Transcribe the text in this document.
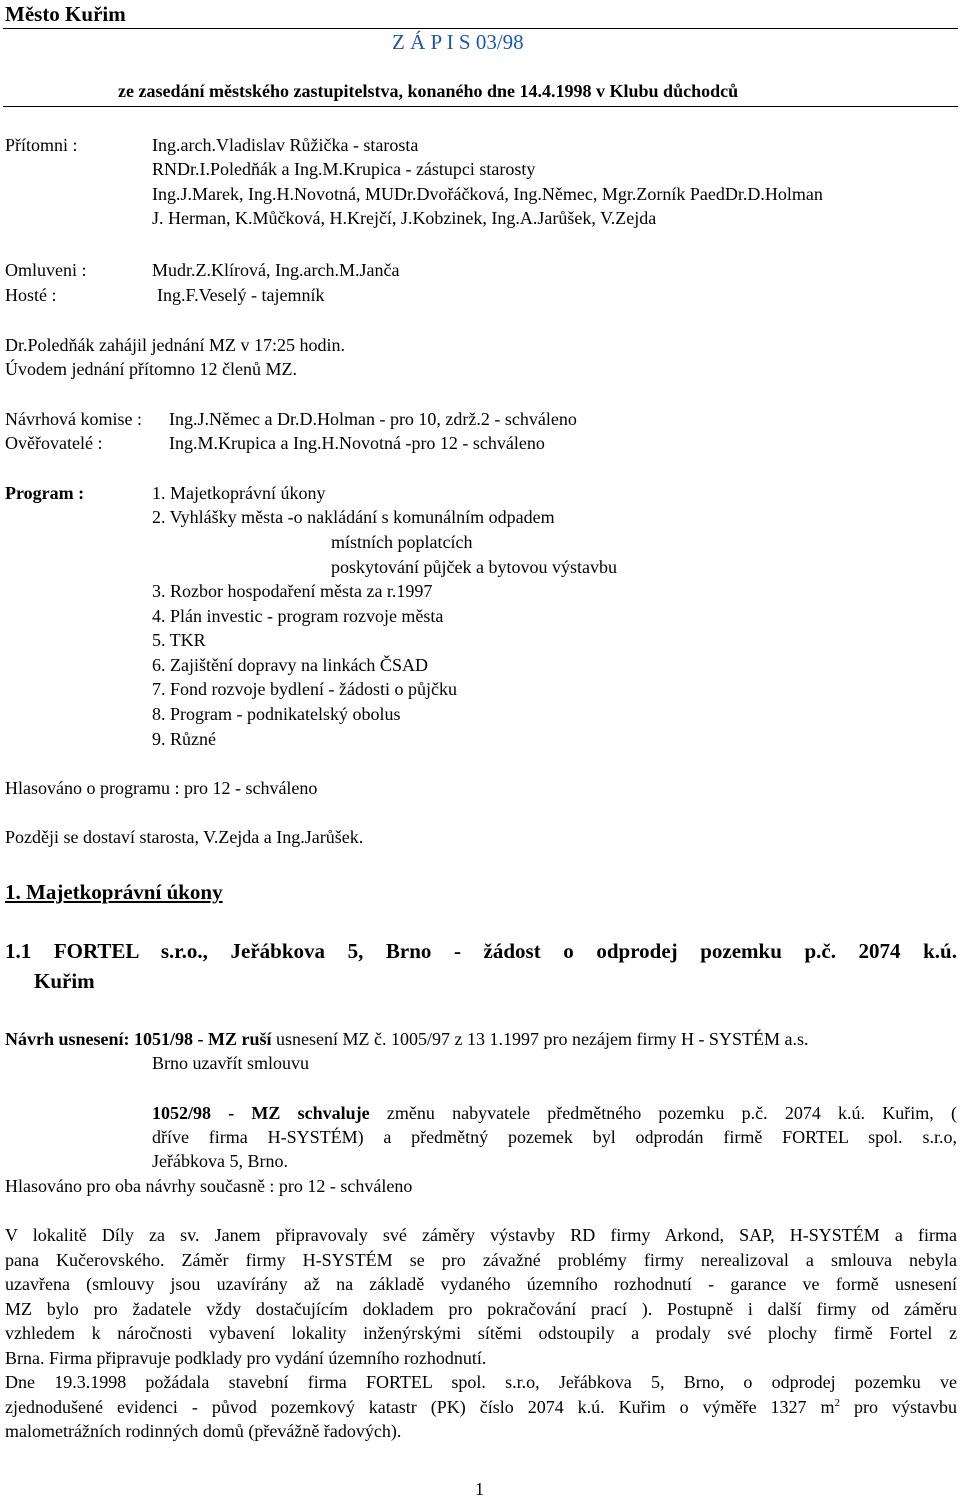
Město Kuřim
Z Á P I S 03/98
ze zasedání městského zastupitelstva, konaného dne 14.4.1998 v Klubu důchodců
Přítomni :	Ing.arch.Vladislav Růžička - starosta
RNDr.I.Poledňák a Ing.M.Krupica - zástupci starosty
Ing.J.Marek, Ing.H.Novotná, MUDr.Dvořáčková, Ing.Němec, Mgr.Zorník PaedDr.D.Holman
J. Herman, K.Můčková, H.Krejčí, J.Kobzinek, Ing.A.Jarůšek, V.Zejda
Omluveni :	Mudr.Z.Klírová, Ing.arch.M.Janča
Hosté :	Ing.F.Veselý - tajemník
Dr.Poledňák zahájil jednání MZ v 17:25 hodin.
Úvodem jednání přítomno 12 členů MZ.
Návrhová komise : Ing.J.Němec a Dr.D.Holman - pro 10, zdrž.2 - schváleno
Ověřovatelé :	Ing.M.Krupica a Ing.H.Novotná -pro 12 - schváleno
Program :	1. Majetkoprávní úkony
2. Vyhlášky města -o nakládání s komunálním odpadem
místních poplatcích
poskytování půjček a bytovou výstavbu
3. Rozbor hospodaření města za r.1997
4. Plán investic - program rozvoje města
5. TKR
6. Zajištění dopravy na linkách ČSAD
7. Fond rozvoje bydlení - žádosti o půjčku
8. Program - podnikatelský obolus
9. Různé
Hlasováno o programu : pro 12 - schváleno
Později se dostaví starosta, V.Zejda a Ing.Jarůšek.
1. Majetkoprávní úkony
1.1 FORTEL s.r.o., Jeřábkova 5, Brno - žádost o odprodej pozemku p.č. 2074 k.ú.
Kuřim
Návrh usnesení: 1051/98 - MZ ruší usnesení MZ č. 1005/97 z 13 1.1997 pro nezájem firmy H - SYSTÉM a.s.
Brno uzavřít smlouvu
1052/98 - MZ schvaluje změnu nabyvatele předmětného pozemku p.č. 2074 k.ú. Kuřim, (
dříve firma H-SYSTÉM) a předmětný pozemek byl odprodán firmě FORTEL spol. s.r.o,
Jeřábkova 5, Brno.
Hlasováno pro oba návrhy současně : pro 12 - schváleno
V lokalitě Díly za sv. Janem připravovaly své záměry výstavby RD firmy Arkond, SAP, H-SYSTÉM a firma
pana Kučerovského. Záměr firmy H-SYSTÉM se pro závažné problémy firmy nerealizoval a smlouva nebyla
uzavřena (smlouvy jsou uzavírány až na základě vydaného územního rozhodnutí - garance ve formě usnesení
MZ bylo pro žadatele vždy dostačujícím dokladem pro pokračování prací ). Postupně i další firmy od záměru
vzhledem k náročnosti vybavení lokality inženýrskými sítěmi odstoupily a prodaly své plochy firmě Fortel z
Brna. Firma připravuje podklady pro vydání územního rozhodnutí.
Dne 19.3.1998 požádala stavební firma FORTEL spol. s.r.o, Jeřábkova 5, Brno, o odprodej pozemku ve
zjednodušené evidenci - původ pozemkový katastr (PK) číslo 2074 k.ú. Kuřim o výměře 1327 $m^2$ pro výstavbu
malometrážních rodinných domů (převážně řadových).
1
